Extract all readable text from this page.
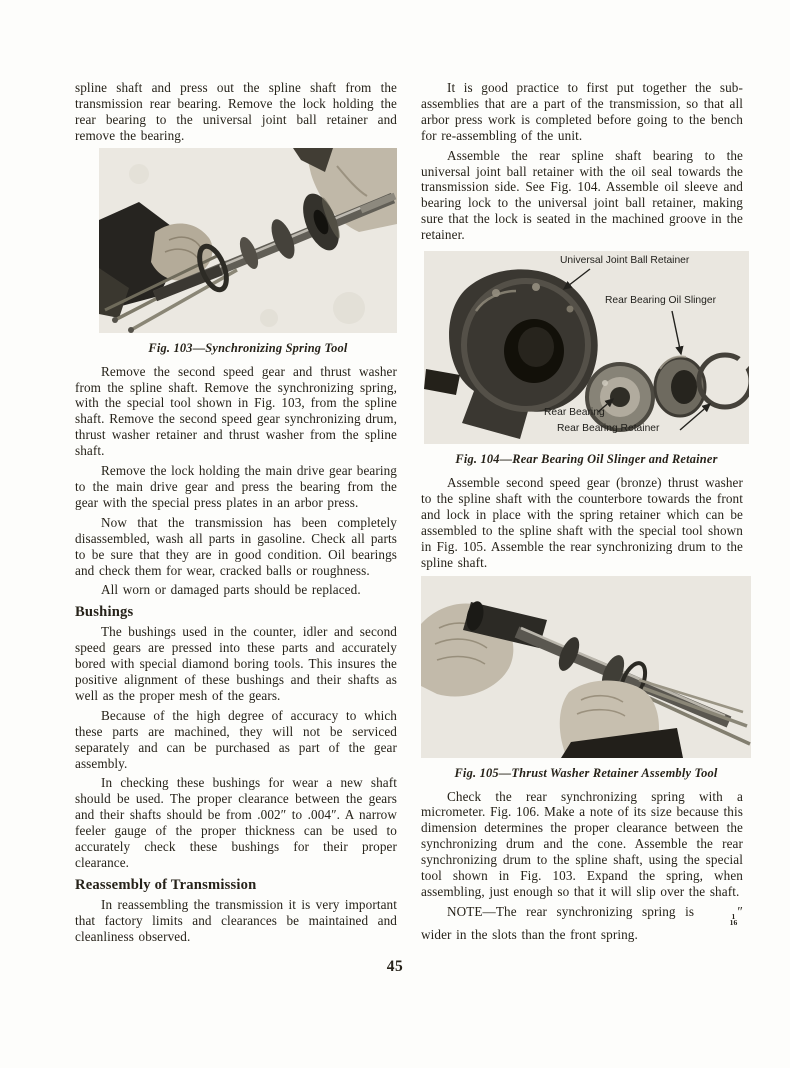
spline shaft and press out the spline shaft from the transmission rear bearing. Remove the lock holding the rear bearing to the universal joint ball retainer and remove the bearing.

Fig. 103—Synchronizing Spring Tool

Remove the second speed gear and thrust washer from the spline shaft. Remove the synchronizing spring, with the special tool shown in Fig. 103, from the spline shaft. Remove the second speed gear synchronizing drum, thrust washer retainer and thrust washer from the spline shaft.

Remove the lock holding the main drive gear bearing to the main drive gear and press the bearing from the gear with the special press plates in an arbor press.

Now that the transmission has been completely disassembled, wash all parts in gasoline. Check all parts to be sure that they are in good condition. Oil bearings and check them for wear, cracked balls or roughness.

All worn or damaged parts should be replaced.

Bushings

The bushings used in the counter, idler and second speed gears are pressed into these parts and accurately bored with special diamond boring tools. This insures the positive alignment of these bushings and their shafts as well as the proper mesh of the gears.

Because of the high degree of accuracy to which these parts are machined, they will not be serviced separately and can be purchased as part of the gear assembly.

In checking these bushings for wear a new shaft should be used. The proper clearance between the gears and their shafts should be from .002″ to .004″. A narrow feeler gauge of the proper thickness can be used to accurately check these bushings for their proper clearance.

Reassembly of Transmission

In reassembling the transmission it is very important that factory limits and clearances be maintained and cleanliness observed.

It is good practice to first put together the sub-assemblies that are a part of the transmission, so that all arbor press work is completed before going to the bench for re-assembling of the unit.

Assemble the rear spline shaft bearing to the universal joint ball retainer with the oil seal towards the transmission side. See Fig. 104. Assemble oil sleeve and bearing lock to the universal joint ball retainer, making sure that the lock is seated in the machined groove in the retainer.

Universal Joint Ball Retainer
Rear Bearing Oil Slinger
Rear Bearing
Rear Bearing Retainer
Fig. 104—Rear Bearing Oil Slinger and Retainer

Assemble second speed gear (bronze) thrust washer to the spline shaft with the counterbore towards the front and lock in place with the spring retainer which can be assembled to the spline shaft with the special tool shown in Fig. 105. Assemble the rear synchronizing drum to the spline shaft.

Fig. 105—Thrust Washer Retainer Assembly Tool

Check the rear synchronizing spring with a micrometer. Fig. 106. Make a note of its size because this dimension determines the proper clearance between the synchronizing drum and the cone. Assemble the rear synchronizing drum to the spline shaft, using the special tool shown in Fig. 103. Expand the spring, when assembling, just enough so that it will slip over the shaft.

NOTE—The rear synchronizing spring is	1
16
″ wider in the slots than the front spring.

45
